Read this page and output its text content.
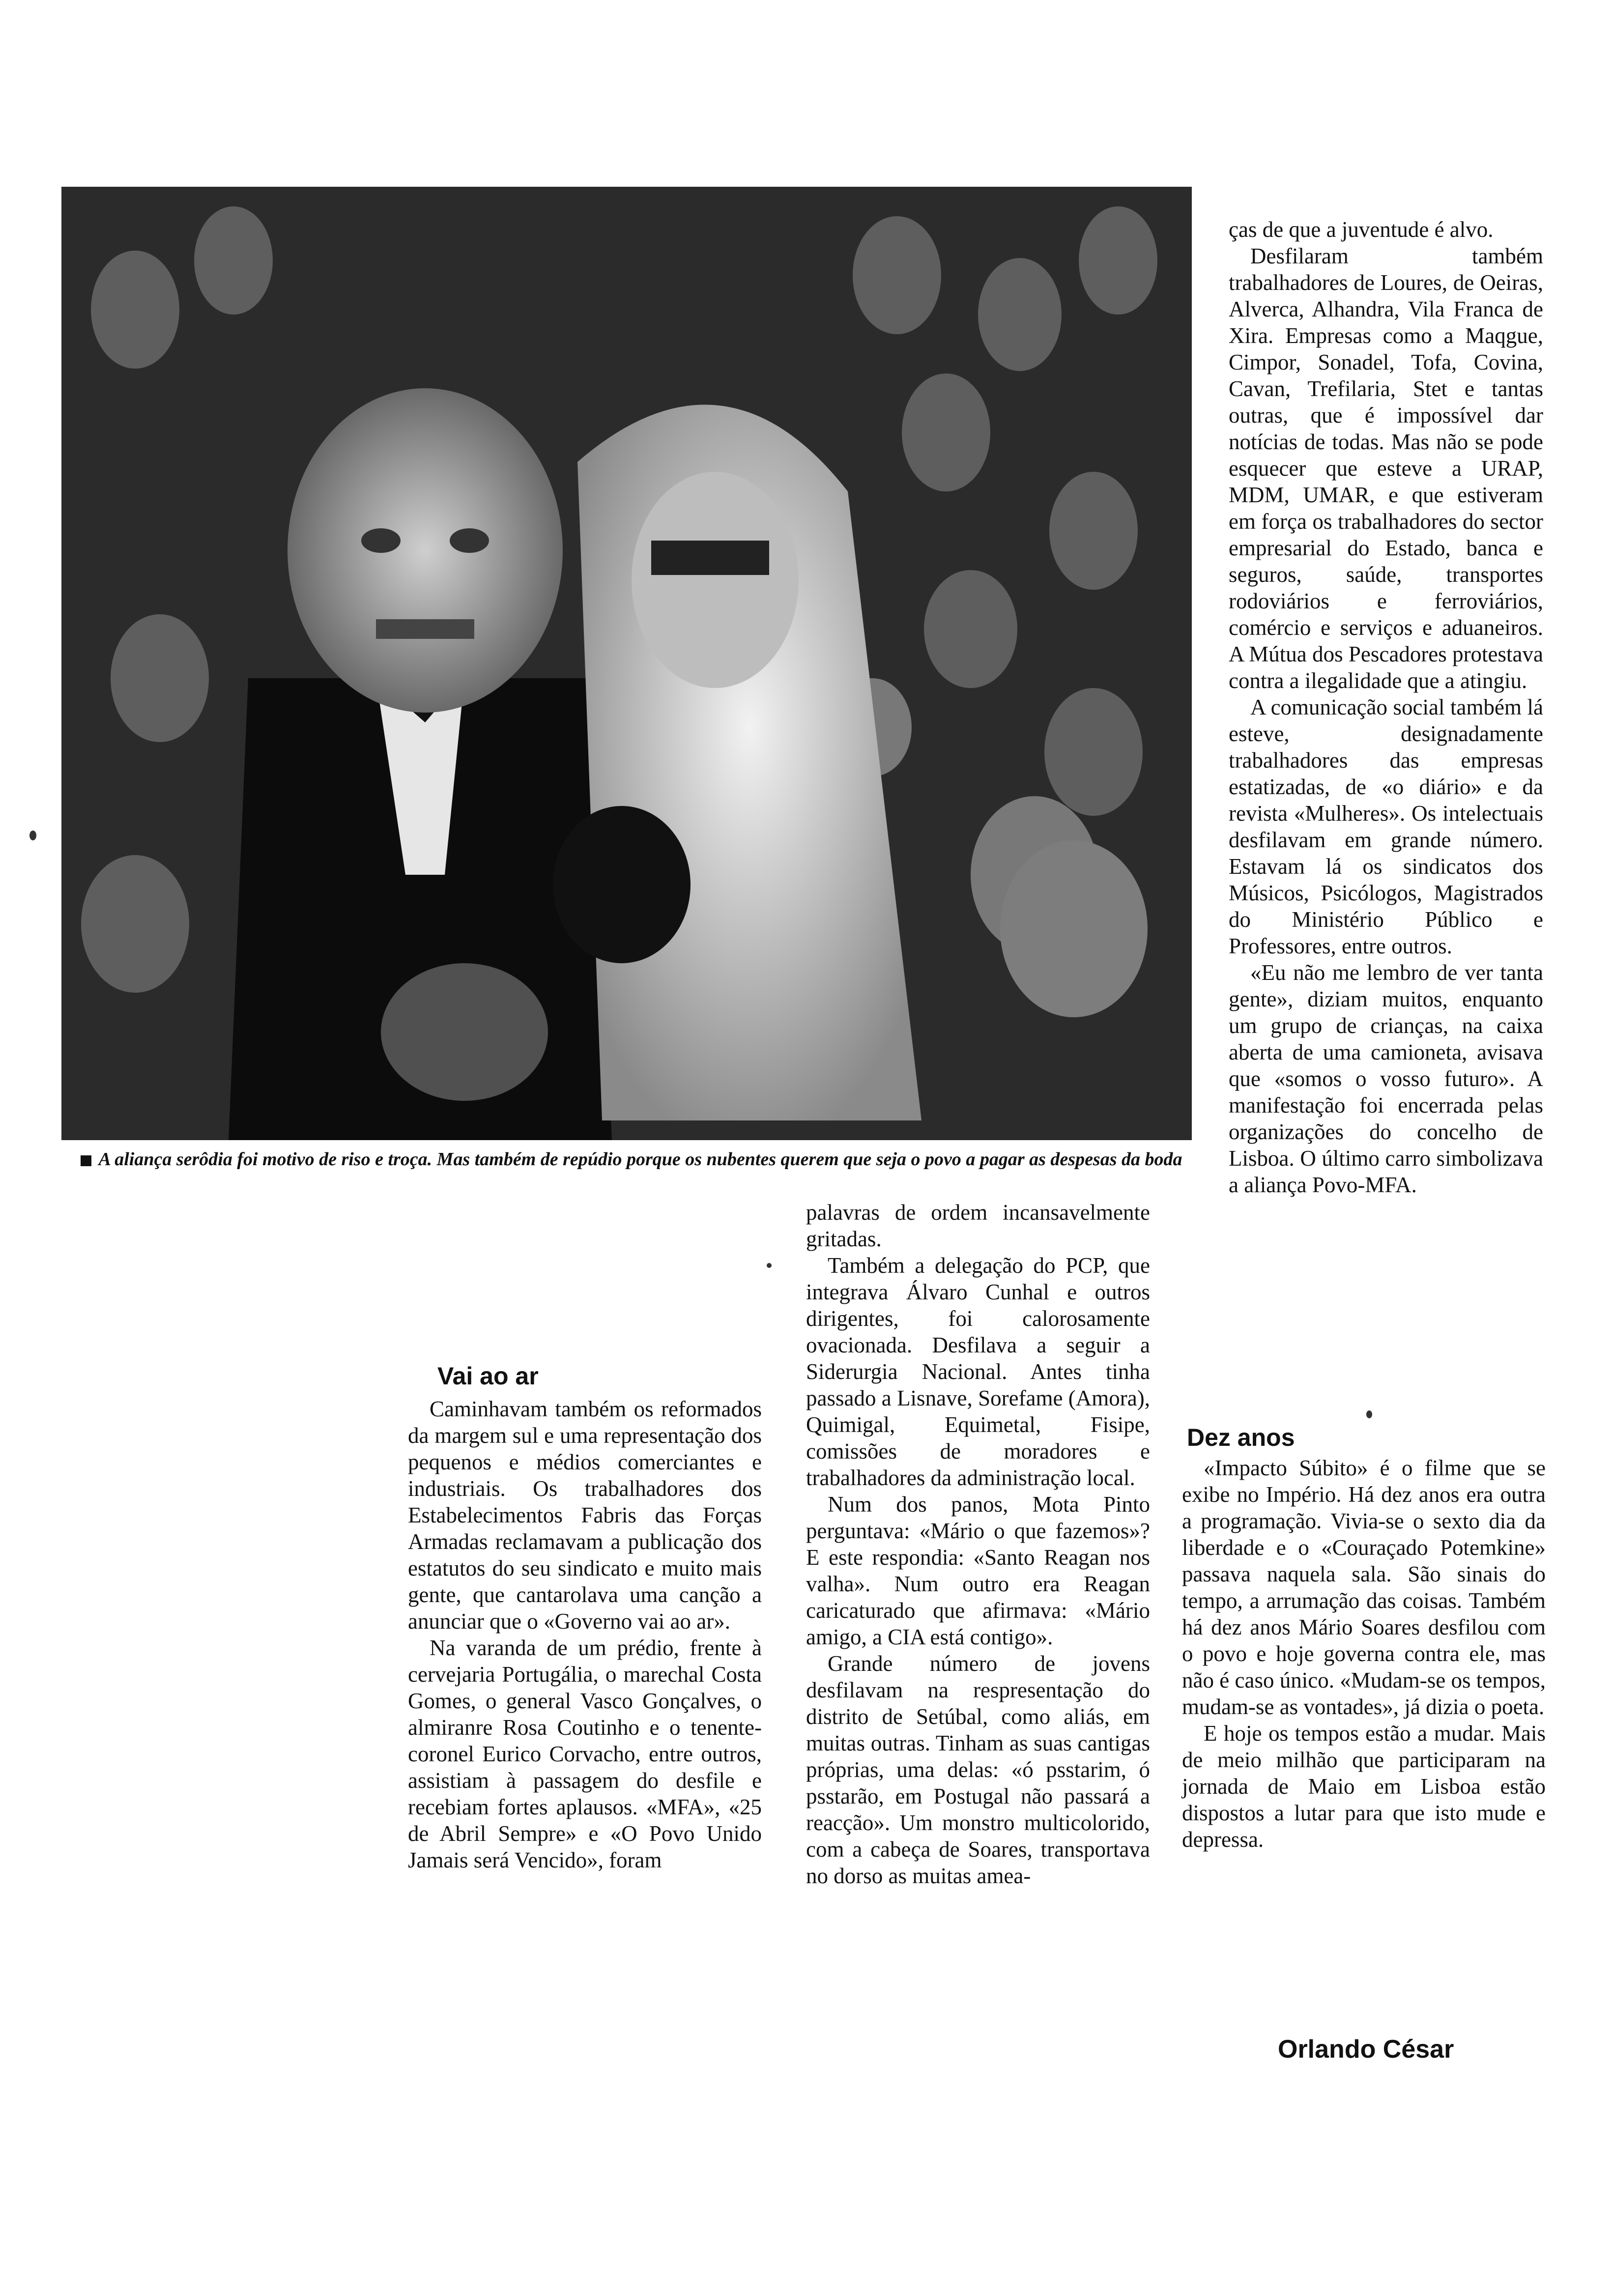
A aliança serôdia foi motivo de riso e troça. Mas também de repúdio porque os nubentes querem que seja o povo a pagar as despesas da boda

ças de que a juventude é alvo.

Desfilaram também trabalhadores de Loures, de Oeiras, Alverca, Alhandra, Vila Franca de Xira. Empresas como a Maqgue, Cimpor, Sonadel, Tofa, Covina, Cavan, Trefilaria, Stet e tantas outras, que é impossível dar notícias de todas. Mas não se pode esquecer que esteve a URAP, MDM, UMAR, e que estiveram em força os trabalhadores do sector empresarial do Estado, banca e seguros, saúde, transportes rodoviários e ferroviários, comércio e serviços e aduaneiros. A Mútua dos Pescadores protestava contra a ilegalidade que a atingiu.

A comunicação social também lá esteve, designadamente trabalhadores das empresas estatizadas, de «o diário» e da revista «Mulheres». Os intelectuais desfilavam em grande número. Estavam lá os sindicatos dos Músicos, Psicólogos, Magistrados do Ministério Público e Professores, entre outros.

«Eu não me lembro de ver tanta gente», diziam muitos, enquanto um grupo de crianças, na caixa aberta de uma camioneta, avisava que «somos o vosso futuro». A manifestação foi encerrada pelas organizações do concelho de Lisboa. O último carro simbolizava a aliança Povo-MFA.

palavras de ordem incansavelmente gritadas.

Também a delegação do PCP, que integrava Álvaro Cunhal e outros dirigentes, foi calorosamente ovacionada. Desfilava a seguir a Siderurgia Nacional. Antes tinha passado a Lisnave, Sorefame (Amora), Quimigal, Equimetal, Fisipe, comissões de moradores e trabalhadores da administração local.

Num dos panos, Mota Pinto perguntava: «Mário o que fazemos»? E este respondia: «Santo Reagan nos valha». Num outro era Reagan caricaturado que afirmava: «Mário amigo, a CIA está contigo».

Grande número de jovens desfilavam na respresentação do distrito de Setúbal, como aliás, em muitas outras. Tinham as suas cantigas próprias, uma delas: «ó psstarim, ó psstarão, em Postugal não passará a reacção». Um monstro multicolorido, com a cabeça de Soares, transportava no dorso as muitas amea-

Vai ao ar

Caminhavam também os reformados da margem sul e uma representação dos pequenos e médios comerciantes e industriais. Os trabalhadores dos Estabelecimentos Fabris das Forças Armadas reclamavam a publicação dos estatutos do seu sindicato e muito mais gente, que cantarolava uma canção a anunciar que o «Governo vai ao ar».

Na varanda de um prédio, frente à cervejaria Portugália, o marechal Costa Gomes, o general Vasco Gonçalves, o almiranre Rosa Coutinho e o tenente-coronel Eurico Corvacho, entre outros, assistiam à passagem do desfile e recebiam fortes aplausos. «MFA», «25 de Abril Sempre» e «O Povo Unido Jamais será Vencido», foram

Dez anos

«Impacto Súbito» é o filme que se exibe no Império. Há dez anos era outra a programação. Vivia-se o sexto dia da liberdade e o «Couraçado Potemkine» passava naquela sala. São sinais do tempo, a arrumação das coisas. Também há dez anos Mário Soares desfilou com o povo e hoje governa contra ele, mas não é caso único. «Mudam-se os tempos, mudam-se as vontades», já dizia o poeta.

E hoje os tempos estão a mudar. Mais de meio milhão que participaram na jornada de Maio em Lisboa estão dispostos a lutar para que isto mude e depressa.

Orlando César
